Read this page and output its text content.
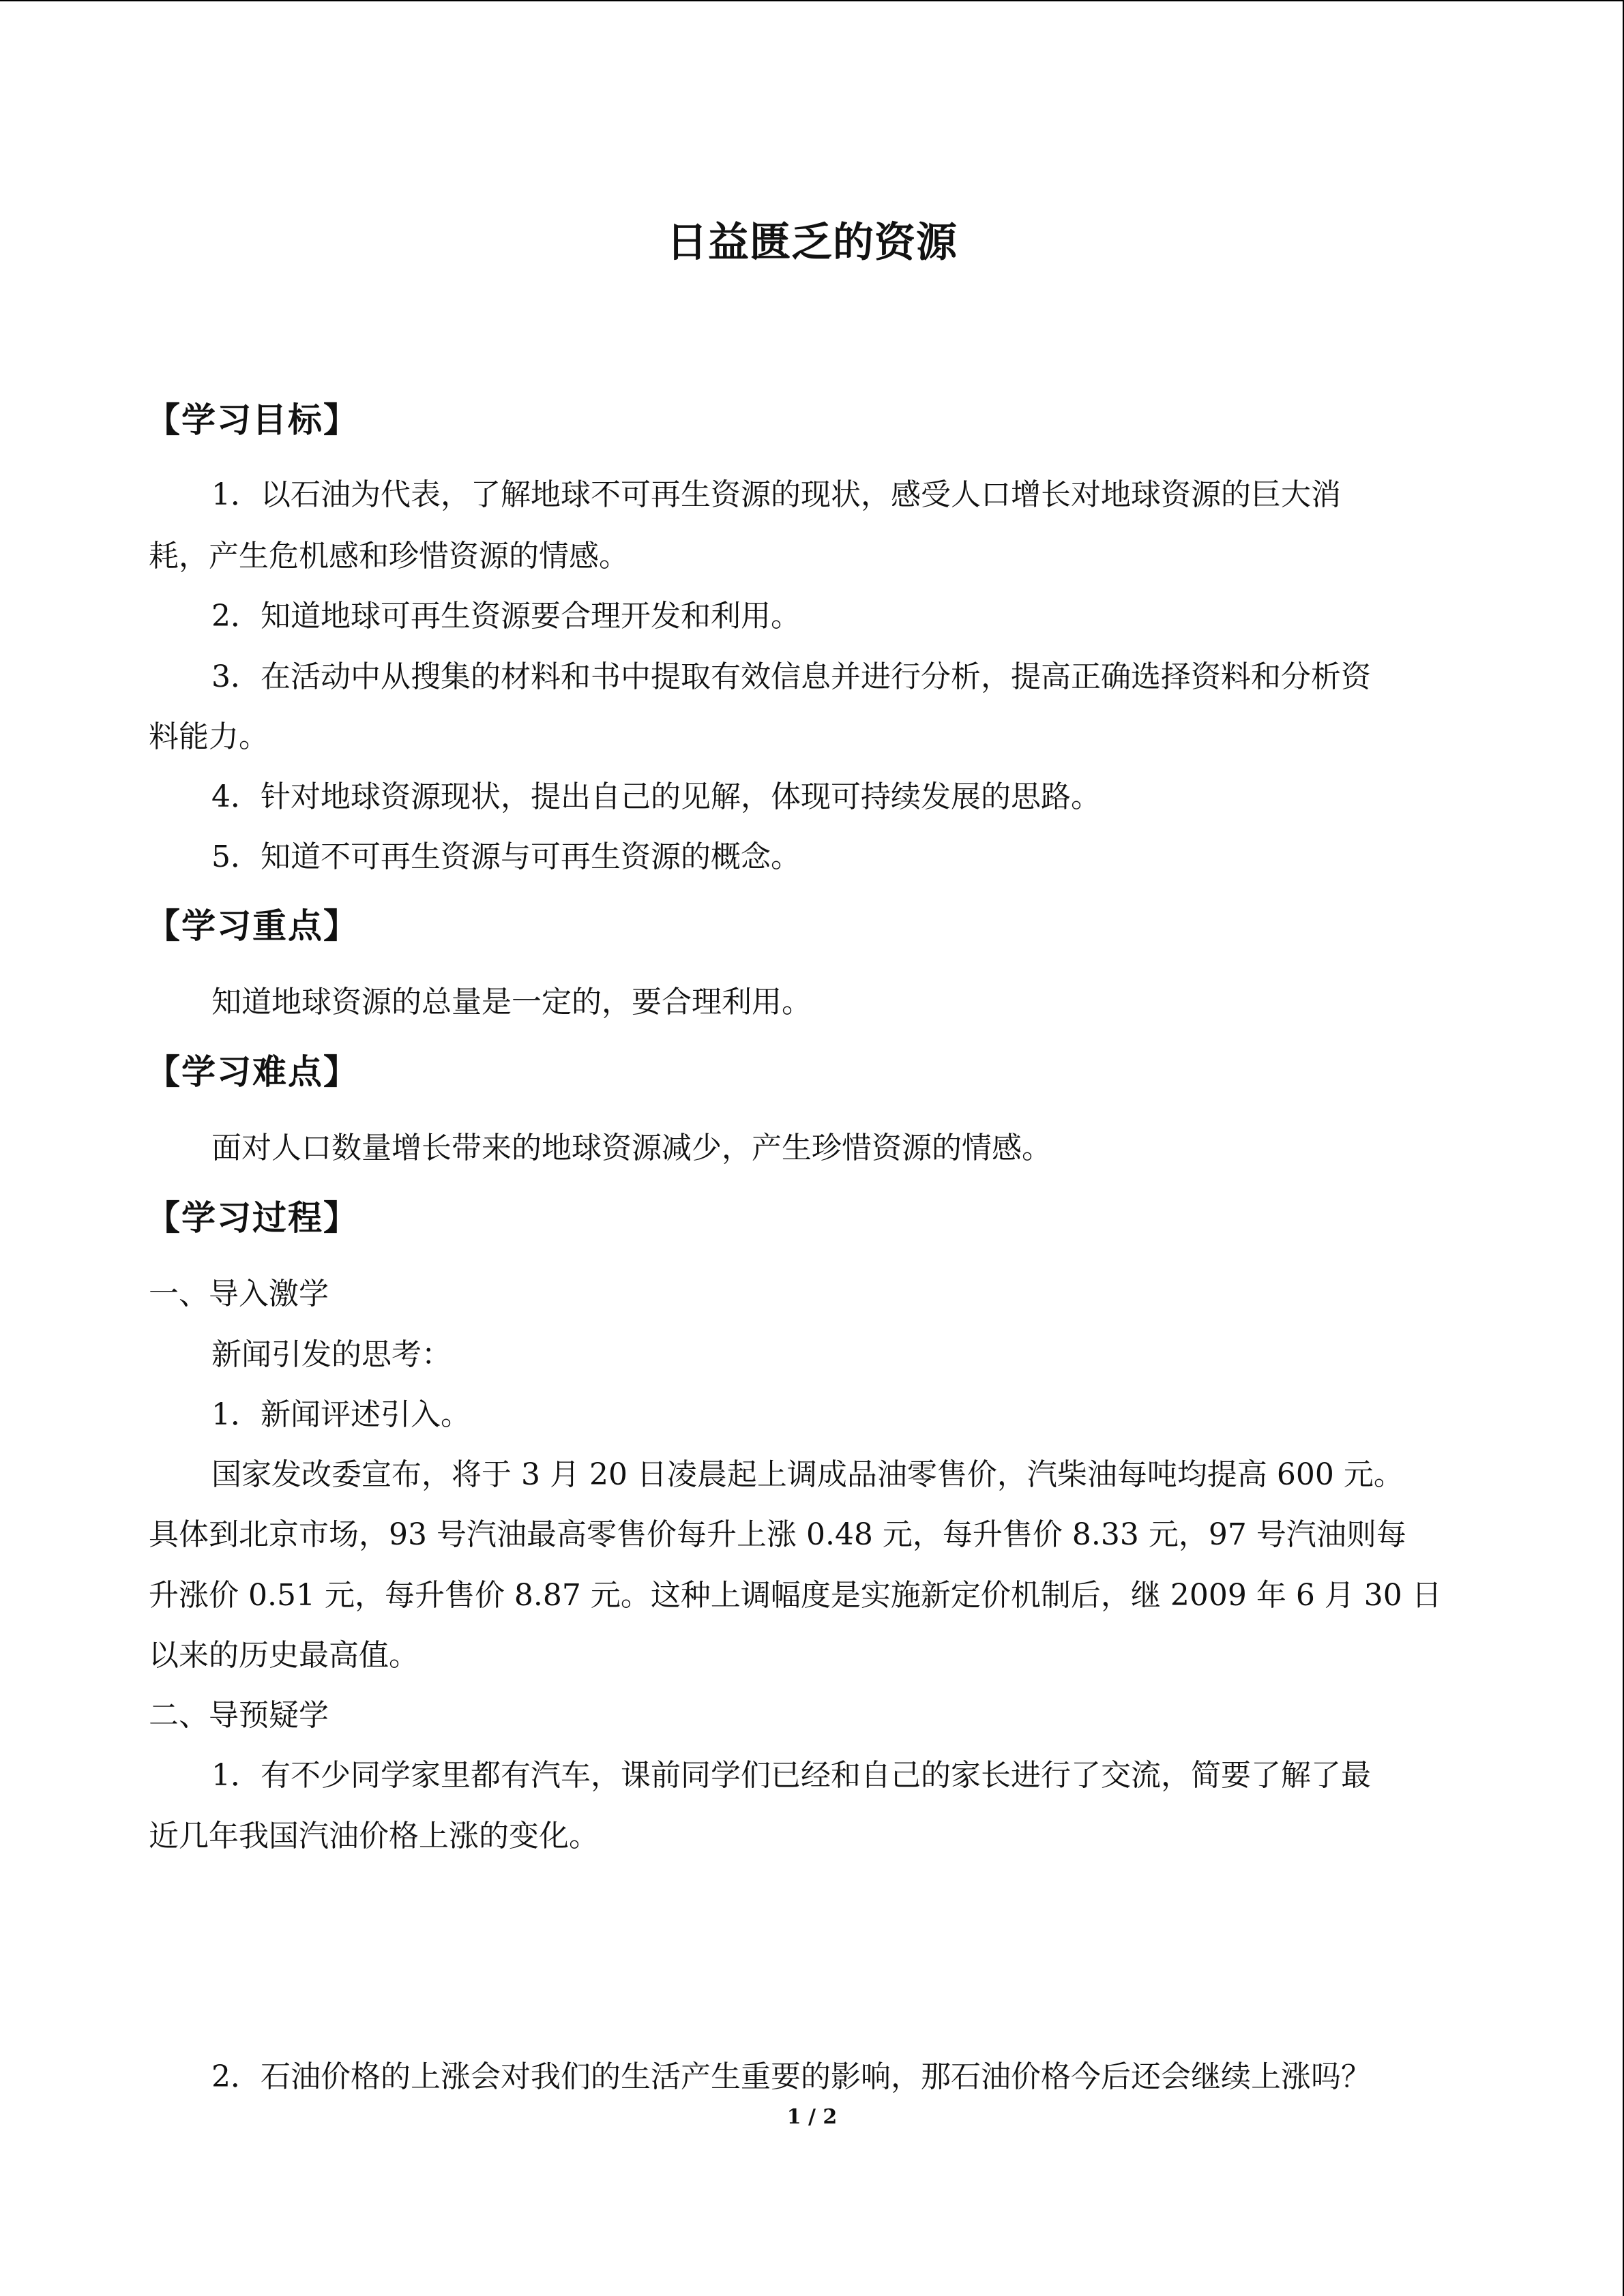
日益匮乏的资源
【学习目标】
1．以石油为代表，了解地球不可再生资源的现状，感受人口增长对地球资源的巨大消
耗，产生危机感和珍惜资源的情感。
2．知道地球可再生资源要合理开发和利用。
3．在活动中从搜集的材料和书中提取有效信息并进行分析，提高正确选择资料和分析资
料能力。
4．针对地球资源现状，提出自己的见解，体现可持续发展的思路。
5．知道不可再生资源与可再生资源的概念。
【学习重点】
知道地球资源的总量是一定的，要合理利用。
【学习难点】
面对人口数量增长带来的地球资源减少，产生珍惜资源的情感。
【学习过程】
一、导入激学
新闻引发的思考：
1．新闻评述引入。
国家发改委宣布，将于 3 月 20 日凌晨起上调成品油零售价，汽柴油每吨均提高 600 元。
具体到北京市场，93 号汽油最高零售价每升上涨 0.48 元，每升售价 8.33 元，97 号汽油则每
升涨价 0.51 元，每升售价 8.87 元。这种上调幅度是实施新定价机制后，继 2009 年 6 月 30 日
以来的历史最高值。
二、导预疑学
1．有不少同学家里都有汽车，课前同学们已经和自己的家长进行了交流，简要了解了最
近几年我国汽油价格上涨的变化。
2．石油价格的上涨会对我们的生活产生重要的影响，那石油价格今后还会继续上涨吗？
1 / 2
